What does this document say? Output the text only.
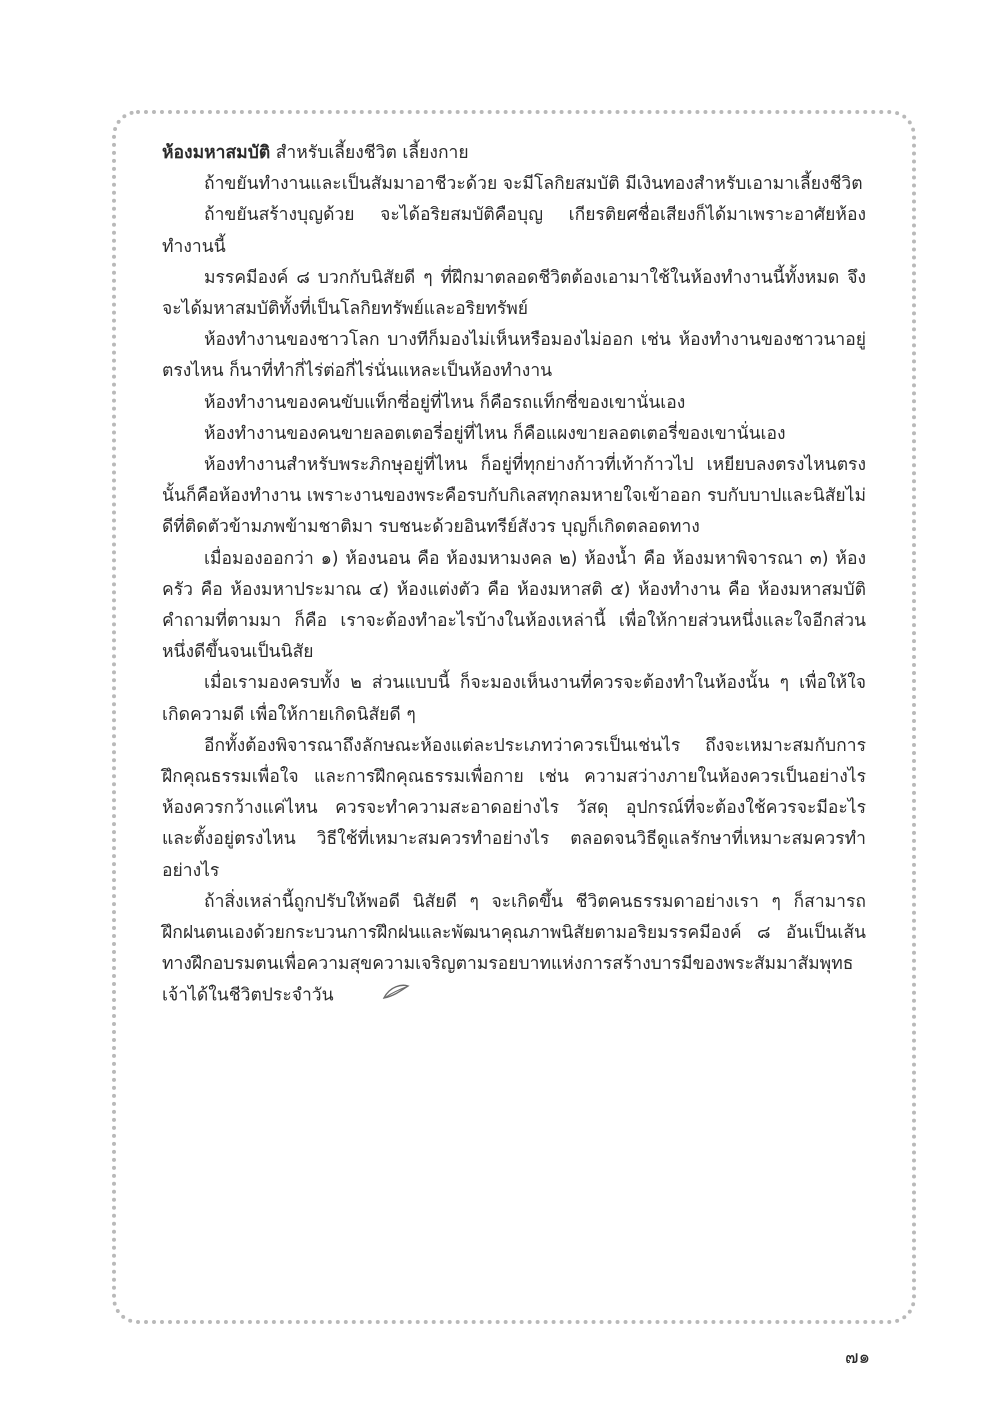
ห้องมหาสมบัติ สำหรับเลี้ยงชีวิต เลี้ยงกาย

ถ้าขยันทำงานและเป็นสัมมาอาชีวะด้วย จะมีโลกิยสมบัติ มีเงินทองสำหรับเอามาเลี้ยงชีวิต

ถ้าขยันสร้างบุญด้วย จะได้อริยสมบัติคือบุญ เกียรติยศชื่อเสียงก็ได้มาเพราะอาศัยห้องทำงานนี้

มรรคมีองค์ ๘ บวกกับนิสัยดี ๆ ที่ฝึกมาตลอดชีวิตต้องเอามาใช้ในห้องทำงานนี้ทั้งหมด จึงจะได้มหาสมบัติทั้งที่เป็นโลกิยทรัพย์และอริยทรัพย์

ห้องทำงานของชาวโลก บางทีก็มองไม่เห็นหรือมองไม่ออก เช่น ห้องทำงานของชาวนาอยู่ตรงไหน ก็นาที่ทำกี่ไร่ต่อกี่ไร่นั่นแหละเป็นห้องทำงาน

ห้องทำงานของคนขับแท็กซี่อยู่ที่ไหน ก็คือรถแท็กซี่ของเขานั่นเอง

ห้องทำงานของคนขายลอตเตอรี่อยู่ที่ไหน ก็คือแผงขายลอตเตอรี่ของเขานั่นเอง

ห้องทำงานสำหรับพระภิกษุอยู่ที่ไหน ก็อยู่ที่ทุกย่างก้าวที่เท้าก้าวไป เหยียบลงตรงไหนตรงนั้นก็คือห้องทำงาน เพราะงานของพระคือรบกับกิเลสทุกลมหายใจเข้าออก รบกับบาปและนิสัยไม่ดีที่ติดตัวข้ามภพข้ามชาติมา รบชนะด้วยอินทรีย์สังวร บุญก็เกิดตลอดทาง

เมื่อมองออกว่า ๑) ห้องนอน คือ ห้องมหามงคล ๒) ห้องน้ำ คือ ห้องมหาพิจารณา ๓) ห้องครัว คือ ห้องมหาประมาณ ๔) ห้องแต่งตัว คือ ห้องมหาสติ ๕) ห้องทำงาน คือ ห้องมหาสมบัติ คำถามที่ตามมา ก็คือ เราจะต้องทำอะไรบ้างในห้องเหล่านี้ เพื่อให้กายส่วนหนึ่งและใจอีกส่วนหนึ่งดีขึ้นจนเป็นนิสัย

เมื่อเรามองครบทั้ง ๒ ส่วนแบบนี้ ก็จะมองเห็นงานที่ควรจะต้องทำในห้องนั้น ๆ เพื่อให้ใจเกิดความดี เพื่อให้กายเกิดนิสัยดี ๆ

อีกทั้งต้องพิจารณาถึงลักษณะห้องแต่ละประเภทว่าควรเป็นเช่นไร ถึงจะเหมาะสมกับการฝึกคุณธรรมเพื่อใจ และการฝึกคุณธรรมเพื่อกาย เช่น ความสว่างภายในห้องควรเป็นอย่างไร ห้องควรกว้างแค่ไหน ควรจะทำความสะอาดอย่างไร วัสดุ อุปกรณ์ที่จะต้องใช้ควรจะมีอะไร และตั้งอยู่ตรงไหน วิธีใช้ที่เหมาะสมควรทำอย่างไร ตลอดจนวิธีดูแลรักษาที่เหมาะสมควรทำอย่างไร

ถ้าสิ่งเหล่านี้ถูกปรับให้พอดี นิสัยดี ๆ จะเกิดขึ้น ชีวิตคนธรรมดาอย่างเรา ๆ ก็สามารถฝึกฝนตนเองด้วยกระบวนการฝึกฝนและพัฒนาคุณภาพนิสัยตามอริยมรรคมีองค์ ๘ อันเป็นเส้นทางฝึกอบรมตนเพื่อความสุขความเจริญตามรอยบาทแห่งการสร้างบารมีของพระสัมมาสัมพุทธเจ้าได้ในชีวิตประจำวัน

๗๑
